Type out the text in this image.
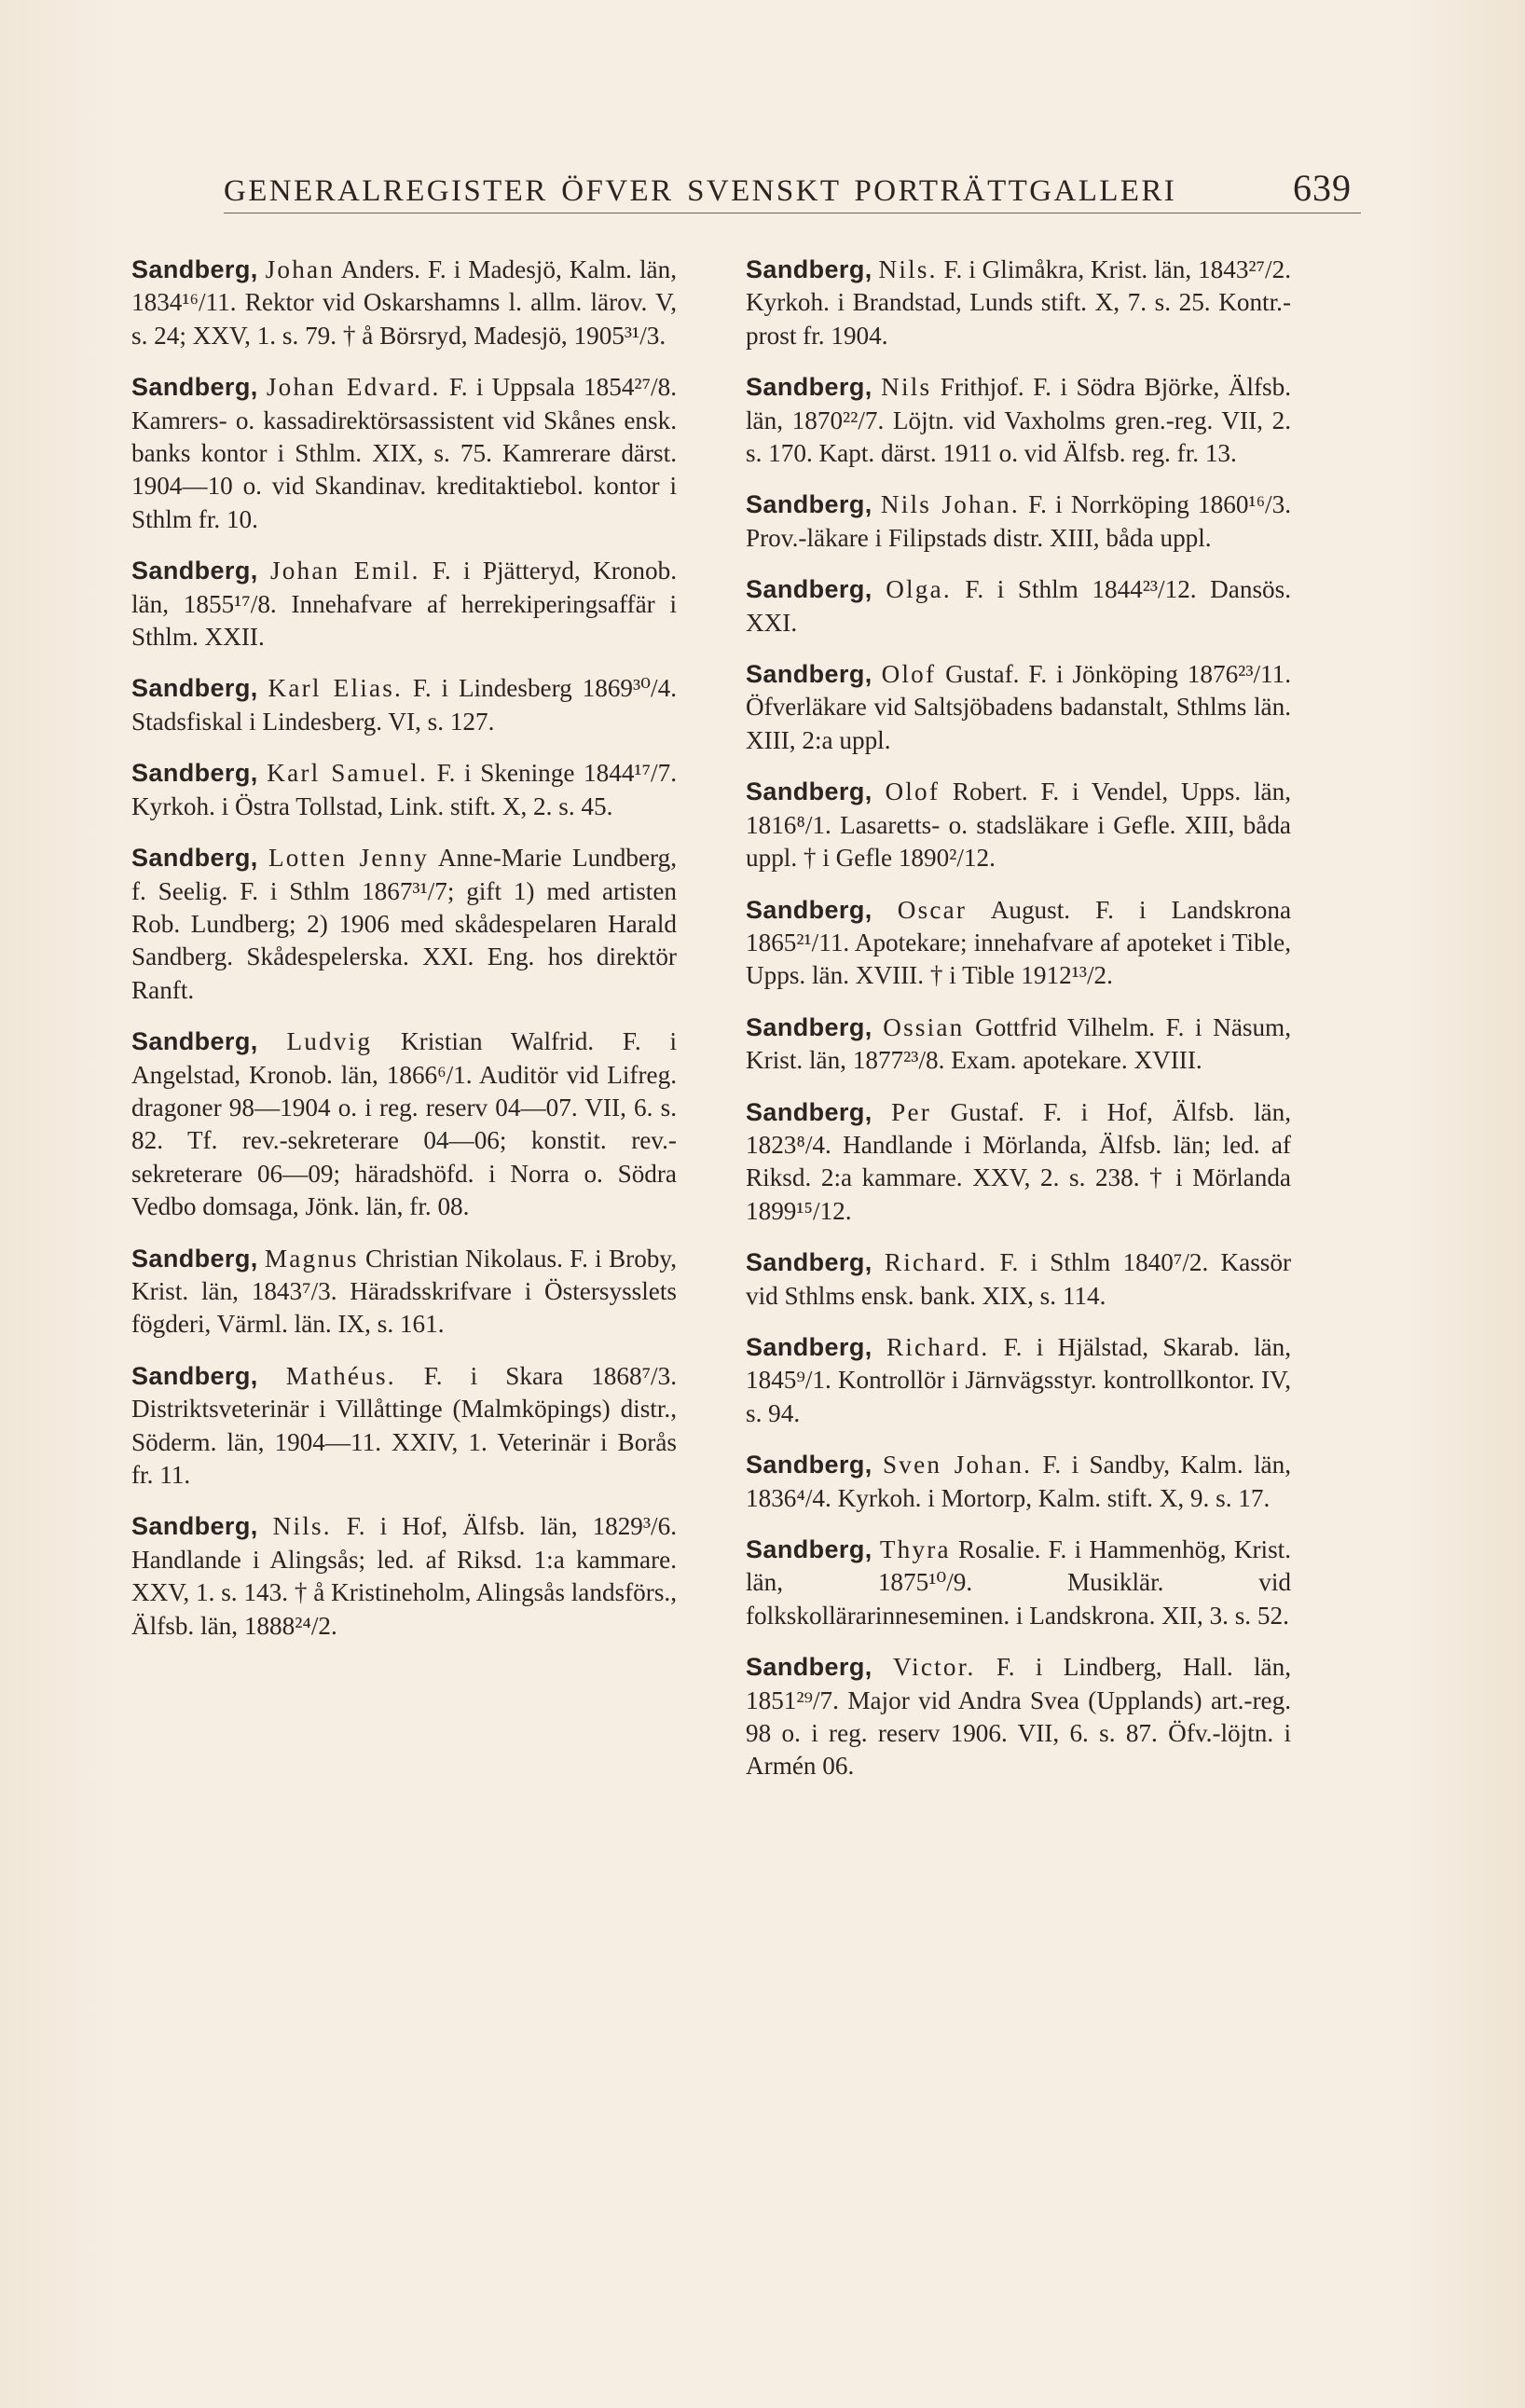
GENERALREGISTER ÖFVER SVENSKT PORTRÄTTGALLERI	639

Sandberg, Johan Anders. F. i Madesjö, Kalm. län, 1834¹⁶/11. Rektor vid Oskarshamns l. allm. lärov. V, s. 24; XXV, 1. s. 79. † å Börsryd, Madesjö, 1905³¹/3.

Sandberg, Johan Edvard. F. i Uppsala 1854²⁷/8. Kamrers- o. kassadirektörsassistent vid Skånes ensk. banks kontor i Sthlm. XIX, s. 75. Kamrerare därst. 1904—10 o. vid Skandinav. kreditaktiebol. kontor i Sthlm fr. 10.

Sandberg, Johan Emil. F. i Pjätteryd, Kronob. län, 1855¹⁷/8. Innehafvare af herrekiperingsaffär i Sthlm. XXII.

Sandberg, Karl Elias. F. i Lindesberg 1869³⁰/4. Stadsfiskal i Lindesberg. VI, s. 127.

Sandberg, Karl Samuel. F. i Skeninge 1844¹⁷/7. Kyrkoh. i Östra Tollstad, Link. stift. X, 2. s. 45.

Sandberg, Lotten Jenny Anne-Marie Lundberg, f. Seelig. F. i Sthlm 1867³¹/7; gift 1) med artisten Rob. Lundberg; 2) 1906 med skådespelaren Harald Sandberg. Skådespelerska. XXI. Eng. hos direktör Ranft.

Sandberg, Ludvig Kristian Walfrid. F. i Angelstad, Kronob. län, 1866⁶/1. Auditör vid Lifreg. dragoner 98—1904 o. i reg. reserv 04—07. VII, 6. s. 82. Tf. rev.-sekreterare 04—06; konstit. rev.-sekreterare 06—09; häradshöfd. i Norra o. Södra Vedbo domsaga, Jönk. län, fr. 08.

Sandberg, Magnus Christian Nikolaus. F. i Broby, Krist. län, 1843⁷/3. Häradsskrifvare i Östersysslets fögderi, Värml. län. IX, s. 161.

Sandberg, Mathéus. F. i Skara 1868⁷/3. Distriktsveterinär i Villåttinge (Malmköpings) distr., Söderm. län, 1904—11. XXIV, 1. Veterinär i Borås fr. 11.

Sandberg, Nils. F. i Hof, Älfsb. län, 1829³/6. Handlande i Alingsås; led. af Riksd. 1:a kammare. XXV, 1. s. 143. † å Kristineholm, Alingsås landsförs., Älfsb. län, 1888²⁴/2.

Sandberg, Nils. F. i Glimåkra, Krist. län, 1843²⁷/2. Kyrkoh. i Brandstad, Lunds stift. X, 7. s. 25. Kontr.-prost fr. 1904.

Sandberg, Nils Frithjof. F. i Södra Björke, Älfsb. län, 1870²²/7. Löjtn. vid Vaxholms gren.-reg. VII, 2. s. 170. Kapt. därst. 1911 o. vid Älfsb. reg. fr. 13.

Sandberg, Nils Johan. F. i Norrköping 1860¹⁶/3. Prov.-läkare i Filipstads distr. XIII, båda uppl.

Sandberg, Olga. F. i Sthlm 1844²³/12. Dansös. XXI.

Sandberg, Olof Gustaf. F. i Jönköping 1876²³/11. Öfverläkare vid Saltsjöbadens badanstalt, Sthlms län. XIII, 2:a uppl.

Sandberg, Olof Robert. F. i Vendel, Upps. län, 1816⁸/1. Lasaretts- o. stadsläkare i Gefle. XIII, båda uppl. † i Gefle 1890²/12.

Sandberg, Oscar August. F. i Landskrona 1865²¹/11. Apotekare; innehafvare af apoteket i Tible, Upps. län. XVIII. † i Tible 1912¹³/2.

Sandberg, Ossian Gottfrid Vilhelm. F. i Näsum, Krist. län, 1877²³/8. Exam. apotekare. XVIII.

Sandberg, Per Gustaf. F. i Hof, Älfsb. län, 1823⁸/4. Handlande i Mörlanda, Älfsb. län; led. af Riksd. 2:a kammare. XXV, 2. s. 238. † i Mörlanda 1899¹⁵/12.

Sandberg, Richard. F. i Sthlm 1840⁷/2. Kassör vid Sthlms ensk. bank. XIX, s. 114.

Sandberg, Richard. F. i Hjälstad, Skarab. län, 1845⁹/1. Kontrollör i Järnvägsstyr. kontrollkontor. IV, s. 94.

Sandberg, Sven Johan. F. i Sandby, Kalm. län, 1836⁴/4. Kyrkoh. i Mortorp, Kalm. stift. X, 9. s. 17.

Sandberg, Thyra Rosalie. F. i Hammenhög, Krist. län, 1875¹⁰/9. Musiklär. vid folkskollärarinneseminen. i Landskrona. XII, 3. s. 52.

Sandberg, Victor. F. i Lindberg, Hall. län, 1851²⁹/7. Major vid Andra Svea (Upplands) art.-reg. 98 o. i reg. reserv 1906. VII, 6. s. 87. Öfv.-löjtn. i Armén 06.
